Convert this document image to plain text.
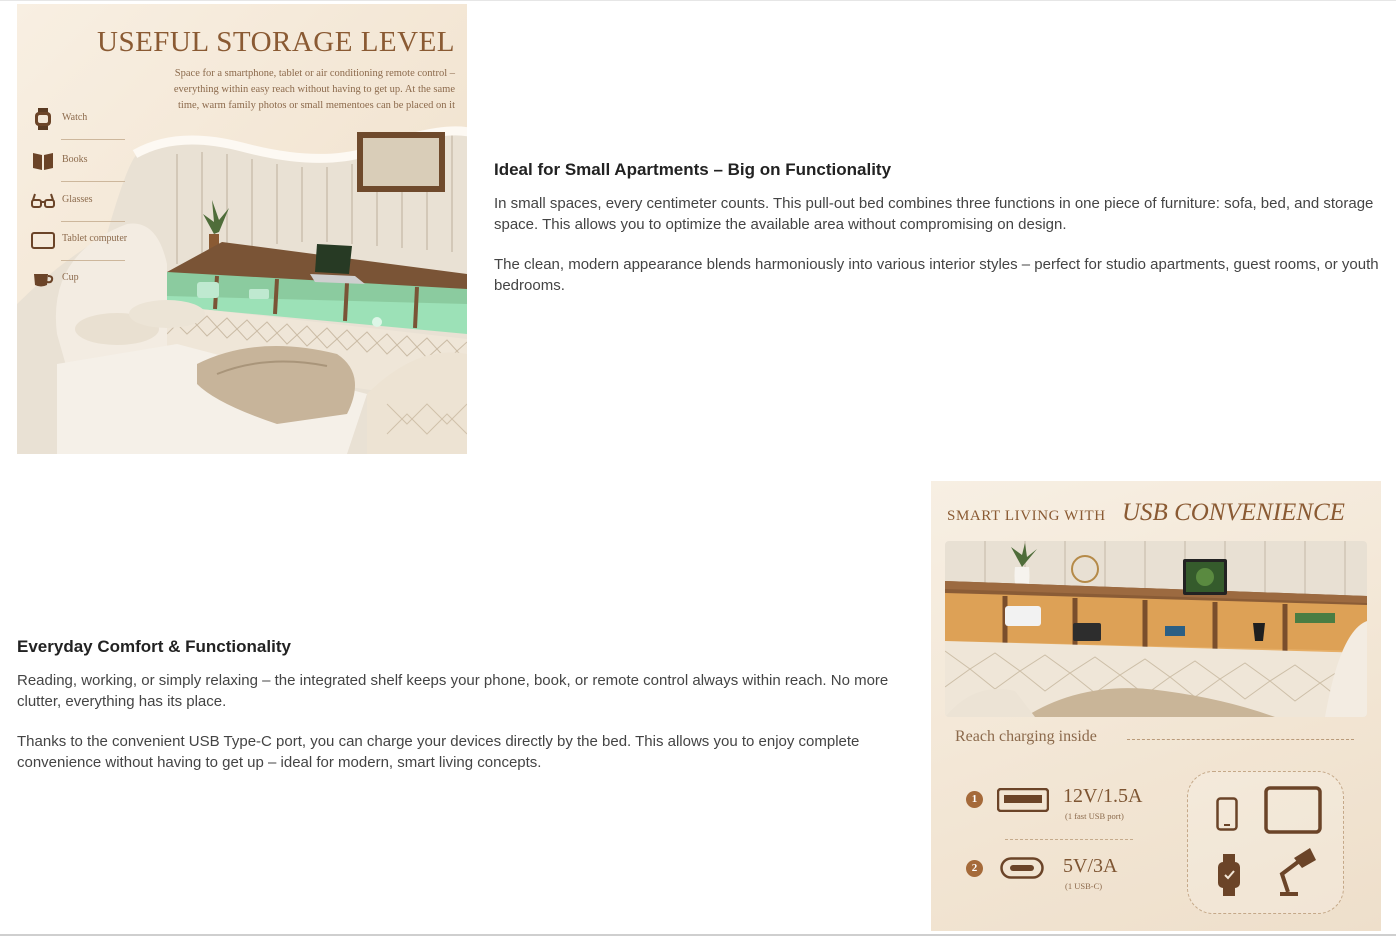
USEFUL STORAGE LEVEL
Space for a smartphone, tablet or air conditioning remote control – everything within easy reach without having to get up. At the same time, warm family photos or small mementoes can be placed on it
Watch
Books
Glasses
Tablet computer
Cup
Ideal for Small Apartments – Big on Functionality

In small spaces, every centimeter counts. This pull-out bed combines three functions in one piece of furniture: sofa, bed, and storage space. This allows you to optimize the available area without compromising on design.

The clean, modern appearance blends harmoniously into various interior styles – perfect for studio apartments, guest rooms, or youth bedrooms.

Everyday Comfort & Functionality

Reading, working, or simply relaxing – the integrated shelf keeps your phone, book, or remote control always within reach. No more clutter, everything has its place.

Thanks to the convenient USB Type-C port, you can charge your devices directly by the bed. This allows you to enjoy complete convenience without having to get up – ideal for modern, smart living concepts.

SMART LIVING WITH USB CONVENIENCE
Reach charging inside
1	12V/1.5A
(1 fast USB port)
2	5V/3A
(1 USB-C)
